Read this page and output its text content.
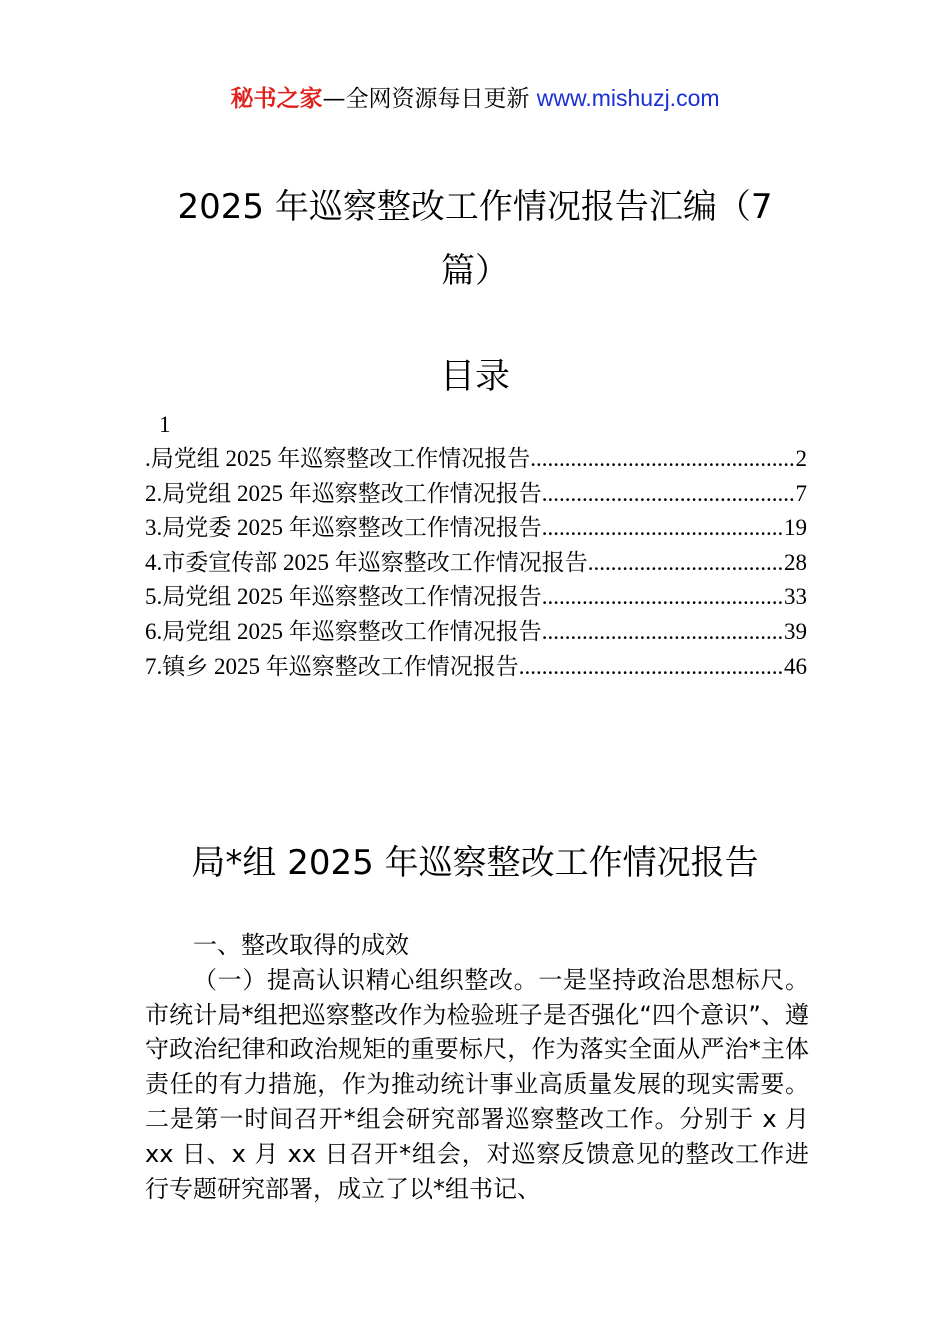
秘书之家—全网资源每日更新 www.mishuzj.com
2025 年巡察整改工作情况报告汇编（7
篇）
目录
1
.局党组 2025 年巡察整改工作情况报告 .....	2
2.局党组 2025 年巡察整改工作情况报告 .....	7
3.局党委 2025 年巡察整改工作情况报告 .....	19
4.市委宣传部 2025 年巡察整改工作情况报告 .....	28
5.局党组 2025 年巡察整改工作情况报告 .....	33
6.局党组 2025 年巡察整改工作情况报告 .....	39
7.镇乡 2025 年巡察整改工作情况报告 .....	46
局*组 2025 年巡察整改工作情况报告

一、整改取得的成效

（一）提高认识精心组织整改。一是坚持政治思想标尺。市统计局*组把巡察整改作为检验班子是否强化“四个意识”、遵守政治纪律和政治规矩的重要标尺，作为落实全面从严治*主体责任的有力措施，作为推动统计事业高质量发展的现实需要。二是第一时间召开*组会研究部署巡察整改工作。分别于 x 月 xx 日、x 月 xx 日召开*组会，对巡察反馈意见的整改工作进行专题研究部署，成立了以*组书记、
